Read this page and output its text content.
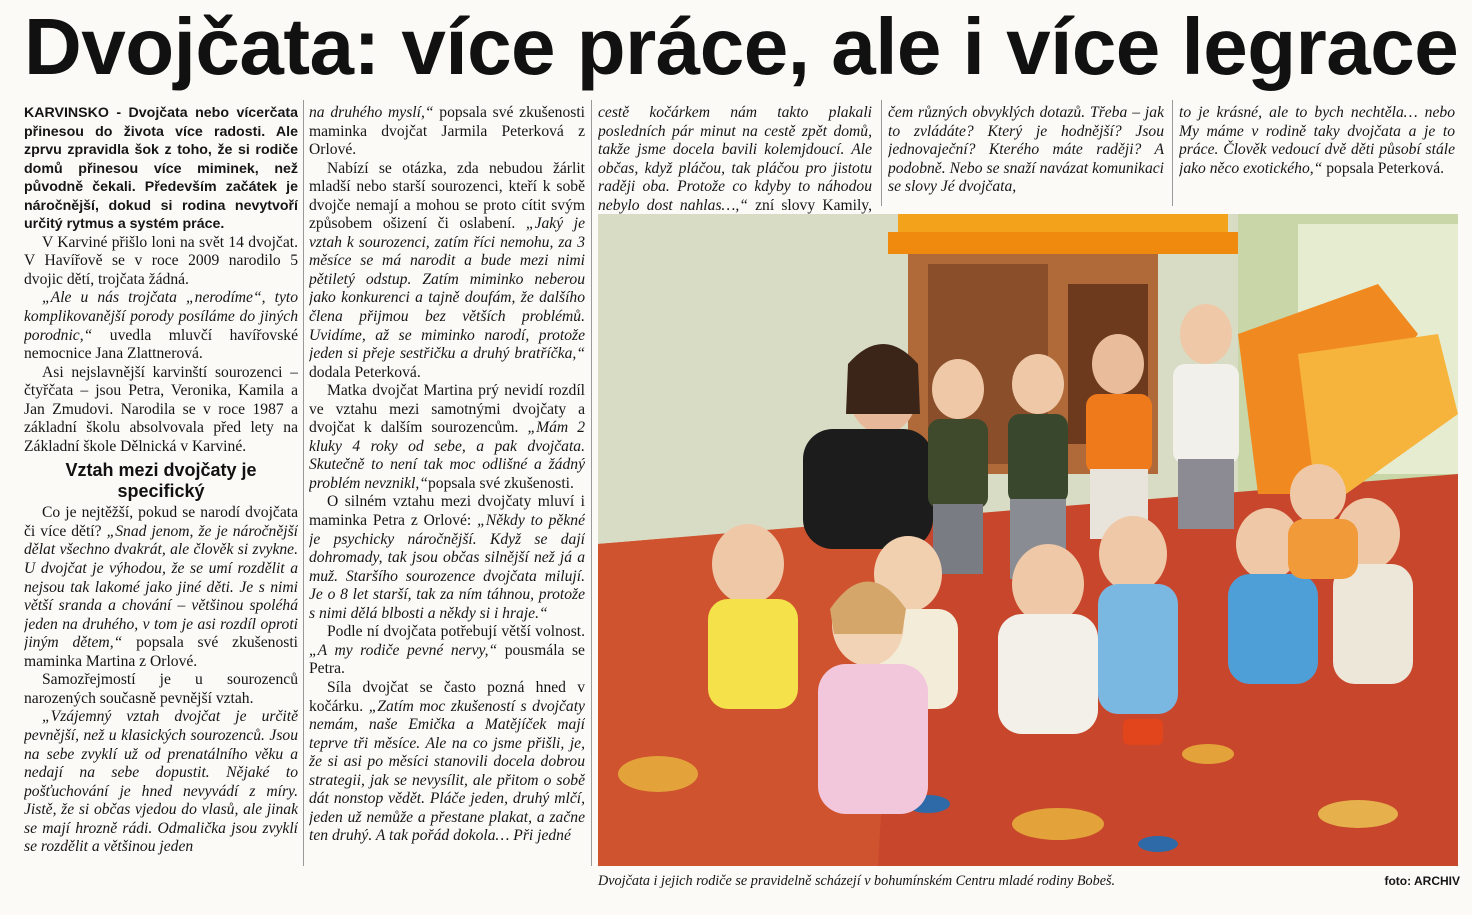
Dvojčata: více práce, ale i více legrace

KARVINSKO - Dvojčata nebo vícerčata přinesou do života více radosti. Ale zprvu zpravidla šok z toho, že si rodiče domů přinesou více miminek, než původně čekali. Především začátek je náročnější, dokud si rodina nevytvoří určitý rytmus a systém práce.

V Karviné přišlo loni na svět 14 dvojčat. V Havířově se v roce 2009 narodilo 5 dvojic dětí, trojčata žádná.

„Ale u nás trojčata „nerodíme“, tyto komplikovanější porody posíláme do jiných porodnic,“ uvedla mluvčí havířovské nemocnice Jana Zlattnerová.

Asi nejslavnější karvinští sourozenci – čtyřčata – jsou Petra, Veronika, Kamila a Jan Zmudovi. Narodila se v roce 1987 a základní školu absolvovala před lety na Základní škole Dělnická v Karviné.

Vztah mezi dvojčaty je specifický

Co je nejtěžší, pokud se narodí dvojčata či více dětí? „Snad jenom, že je náročnější dělat všechno dvakrát, ale člověk si zvykne. U dvojčat je výhodou, že se umí rozdělit a nejsou tak lakomé jako jiné děti. Je s nimi větší sranda a chování – většinou spoléhá jeden na druhého, v tom je asi rozdíl oproti jiným dětem,“ popsala své zkušenosti maminka Martina z Orlové.

Samozřejmostí je u sourozenců narozených současně pevnější vztah.

„Vzájemný vztah dvojčat je určitě pevnější, než u klasických sourozenců. Jsou na sebe zvyklí už od prenatálního věku a nedají na sebe dopustit. Nějaké to pošťuchování je hned nevyvádí z míry. Jistě, že si občas vjedou do vlasů, ale jinak se mají hrozně rádi. Odmalička jsou zvyklí se rozdělit a většinou jeden

na druhého myslí,“ popsala své zkušenosti maminka dvojčat Jarmila Peterková z Orlové.

Nabízí se otázka, zda nebudou žárlit mladší nebo starší sourozenci, kteří k sobě dvojče nemají a mohou se proto cítit svým způsobem ošizení či oslabení. „Jaký je vztah k sourozenci, zatím říci nemohu, za 3 měsíce se má narodit a bude mezi nimi pětiletý odstup. Zatím miminko neberou jako konkurenci a tajně doufám, že dalšího člena přijmou bez větších problémů. Uvidíme, až se miminko narodí, protože jeden si přeje sestřičku a druhý bratříčka,“ dodala Peterková.

Matka dvojčat Martina prý nevidí rozdíl ve vztahu mezi samotnými dvojčaty a dvojčat k dalším sourozencům. „Mám 2 kluky 4 roky od sebe, a pak dvojčata. Skutečně to není tak moc odlišné a žádný problém nevznikl,“popsala své zkušenosti.

O silném vztahu mezi dvojčaty mluví i maminka Petra z Orlové: „Někdy to pěkné je psychicky náročnější. Když se dají dohromady, tak jsou občas silnější než já a muž. Staršího sourozence dvojčata milují. Je o 8 let starší, tak za ním táhnou, protože s nimi dělá blbosti a někdy si i hraje.“

Podle ní dvojčata potřebují větší volnost. „A my rodiče pevné nervy,“ pousmála se Petra.

Síla dvojčat se často pozná hned v kočárku. „Zatím moc zkušeností s dvojčaty nemám, naše Emička a Matějíček mají teprve tři měsíce. Ale na co jsme přišli, je, že si asi po měsíci stanovili docela dobrou strategii, jak se nevysílit, ale přitom o sobě dát nonstop vědět. Pláče jeden, druhý mlčí, jeden už nemůže a přestane plakat, a začne ten druhý. A tak pořád dokola… Při jedné

cestě kočárkem nám takto plakali posledních pár minut na cestě zpět domů, takže jsme docela bavili kolemjdoucí. Ale občas, když pláčou, tak pláčou pro jistotu raději oba. Protože co kdyby to náhodou nebylo dost nahlas…,“ zní slovy Kamily,

čem různých obvyklých dotazů. Třeba – jak to zvládáte? Který je hodnější? Jsou jednovaječní? Kterého máte raději? A podobně. Nebo se snaží navázat komunikaci se slovy Jé dvojčata,

to je krásné, ale to bych nechtěla… nebo My máme v rodině taky dvojčata a je to práce. Člověk vedoucí dvě děti působí stále jako něco exotického,“ popsala Peterková.

Dvojčata i jejich rodiče se pravidelně scházejí v bohumínském Centru mladé rodiny Bobeš.	foto: ARCHIV
